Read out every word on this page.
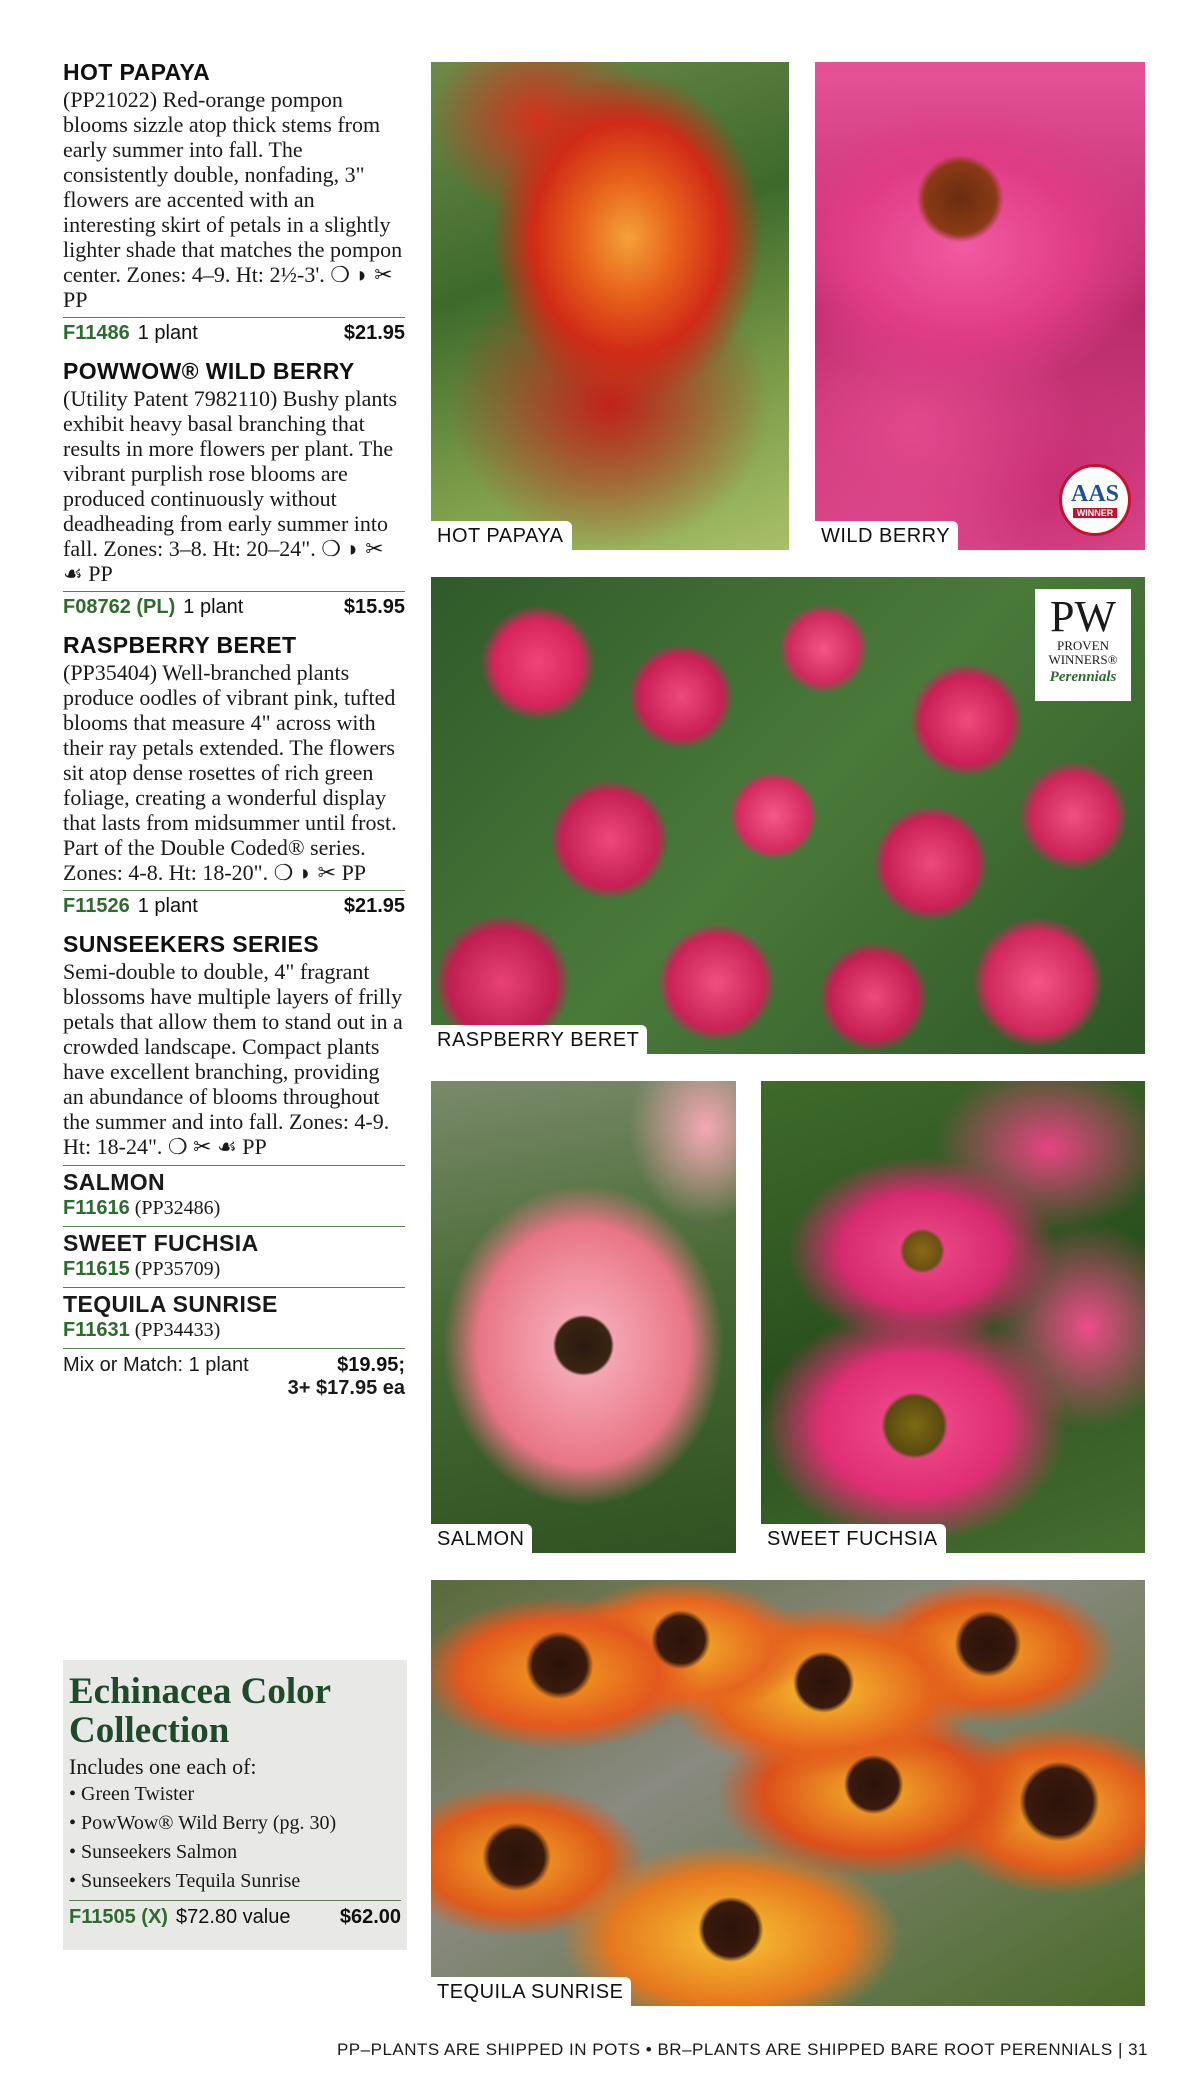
HOT PAPAYA
(PP21022) Red-orange pompon blooms sizzle atop thick stems from early summer into fall. The consistently double, nonfading, 3" flowers are accented with an interesting skirt of petals in a slightly lighter shade that matches the pompon center. Zones: 4–9. Ht: 2½-3'. ❍ ◗ ✂ PP
F11486 1 plant	$21.95
POWWOW® WILD BERRY
(Utility Patent 7982110) Bushy plants exhibit heavy basal branching that results in more flowers per plant. The vibrant purplish rose blooms are produced continuously without deadheading from early summer into fall. Zones: 3–8. Ht: 20–24". ❍ ◗ ✂ ☙ PP
F08762 (PL) 1 plant	$15.95
RASPBERRY BERET
(PP35404) Well-branched plants produce oodles of vibrant pink, tufted blooms that measure 4" across with their ray petals extended. The flowers sit atop dense rosettes of rich green foliage, creating a wonderful display that lasts from midsummer until frost. Part of the Double Coded® series. Zones: 4-8. Ht: 18-20". ❍ ◗ ✂ PP
F11526 1 plant	$21.95
SUNSEEKERS SERIES
Semi-double to double, 4" fragrant blossoms have multiple layers of frilly petals that allow them to stand out in a crowded landscape. Compact plants have excellent branching, providing an abundance of blooms throughout the summer and into fall. Zones: 4-9. Ht: 18-24". ❍ ✂ ☙ PP
SALMON
F11616 (PP32486)
SWEET FUCHSIA
F11615 (PP35709)
TEQUILA SUNRISE
F11631 (PP34433)
Mix or Match: 1 plant	$19.95;
3+ $17.95 ea
Echinacea Color Collection
Includes one each of:
• Green Twister
• PowWow® Wild Berry (pg. 30)
• Sunseekers Salmon
• Sunseekers Tequila Sunrise
F11505 (X) $72.80 value $62.00
HOT PAPAYA
AAS
WINNER
WILD BERRY
PW
PROVEN WINNERS®
Perennials
RASPBERRY BERET
SALMON	SWEET FUCHSIA
TEQUILA SUNRISE
PP–PLANTS ARE SHIPPED IN POTS • BR–PLANTS ARE SHIPPED BARE ROOT PERENNIALS | 31
